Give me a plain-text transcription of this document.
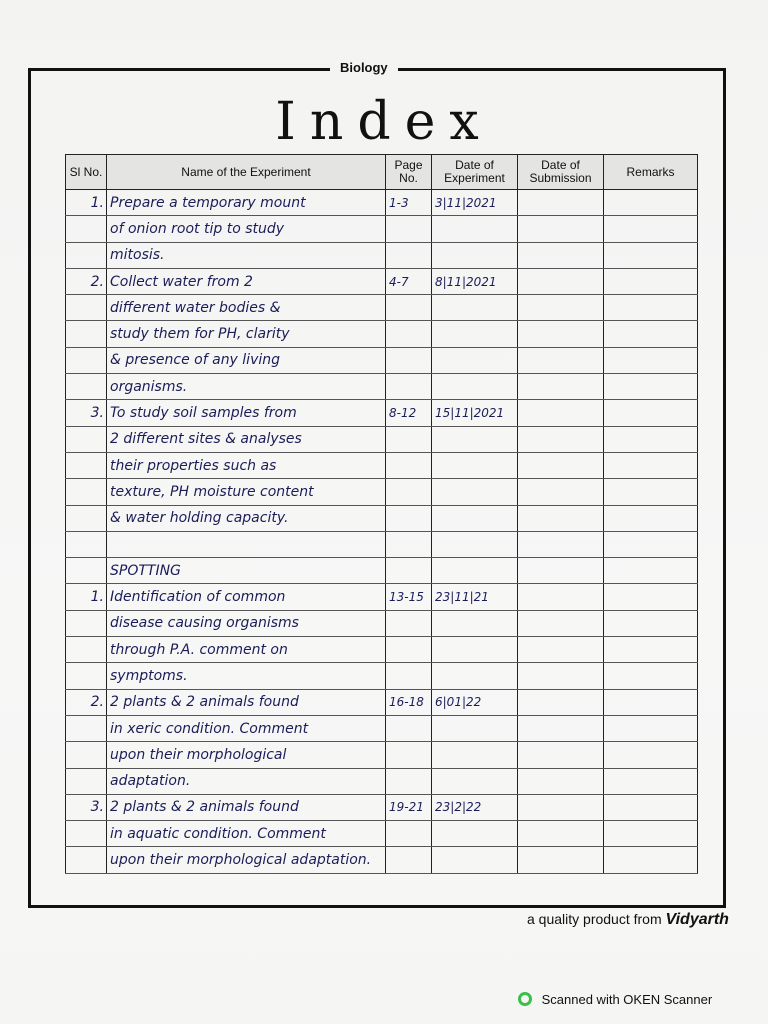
Biology
Index
Sl No.	Name of the Experiment	Page No.	Date of Experiment	Date of Submission	Remarks
1.	Prepare a temporary mount	1-3	3|11|2021		
	of onion root tip to study				
	mitosis.				
2.	Collect water from 2	4-7	8|11|2021		
	different water bodies &				
	study them for PH, clarity				
	& presence of any living				
	organisms.				
3.	To study soil samples from	8-12	15|11|2021		
	2 different sites & analyses				
	their properties such as				
	texture, PH moisture content				
	& water holding capacity.				

	SPOTTING				
1.	Identification of common	13-15	23|11|21		
	disease causing organisms				
	through P.A. comment on				
	symptoms.				
2.	2 plants & 2 animals found	16-18	6|01|22		
	in xeric condition. Comment				
	upon their morphological				
	adaptation.				
3.	2 plants & 2 animals found	19-21	23|2|22		
	in aquatic condition. Comment				
	upon their morphological adaptation.				
a quality product from Vidyarth
Scanned with OKEN Scanner
